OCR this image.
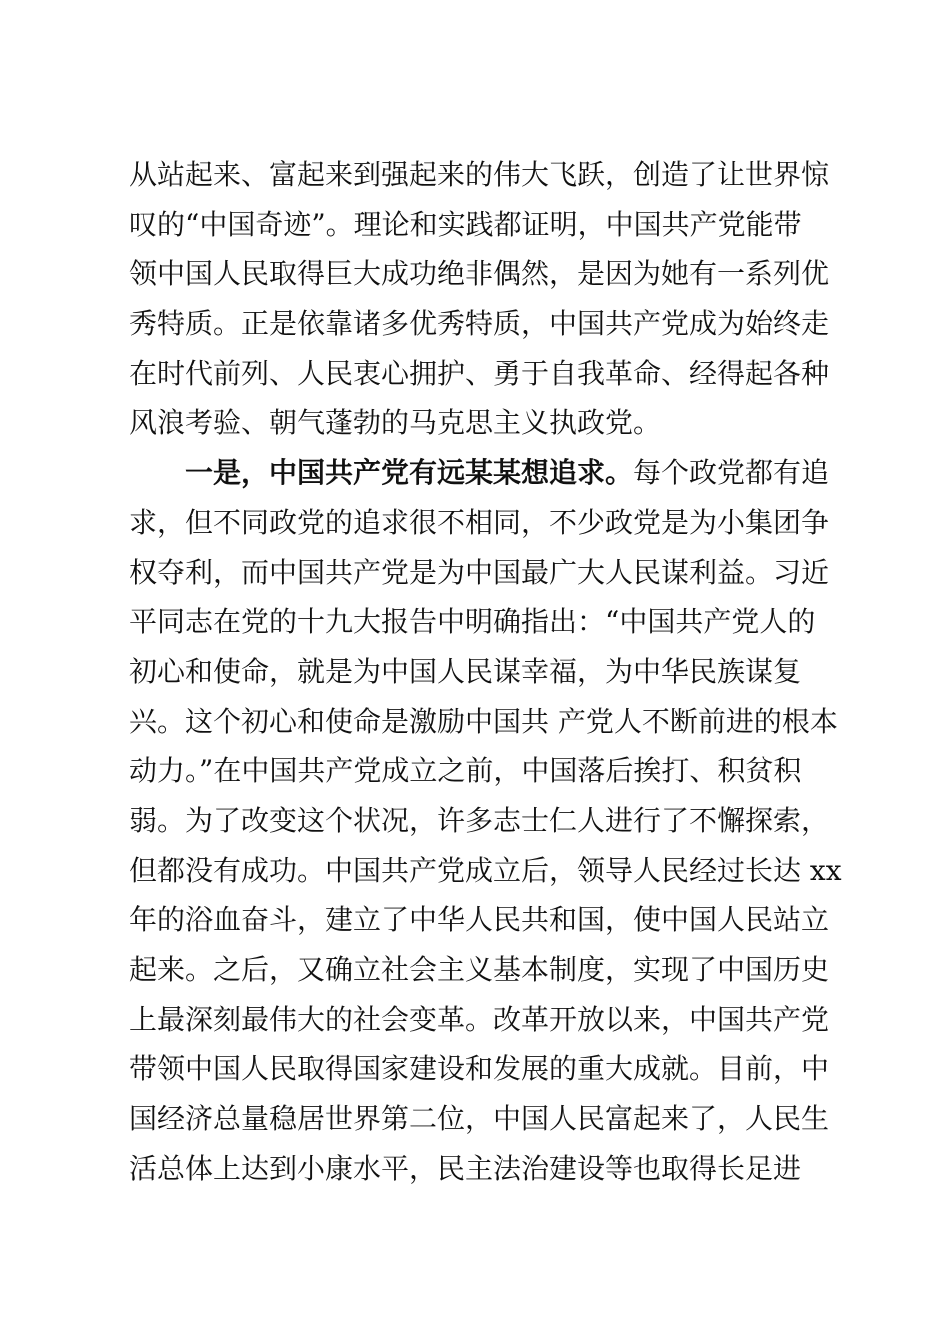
从站起来、富起来到强起来的伟大飞跃，创造了让世界惊
叹的“中国奇迹”。理论和实践都证明，中国共产党能带
领中国人民取得巨大成功绝非偶然，是因为她有一系列优
秀特质。正是依靠诸多优秀特质，中国共产党成为始终走
在时代前列、人民衷心拥护、勇于自我革命、经得起各种
风浪考验、朝气蓬勃的马克思主义执政党。
一是，中国共产党有远某某想追求。每个政党都有追
求，但不同政党的追求很不相同，不少政党是为小集团争
权夺利，而中国共产党是为中国最广大人民谋利益。习近
平同志在党的十九大报告中明确指出：“中国共产党人的
初心和使命，就是为中国人民谋幸福，为中华民族谋复
兴。这个初心和使命是激励中国共 产党人不断前进的根本
动力。”在中国共产党成立之前，中国落后挨打、积贫积
弱。为了改变这个状况，许多志士仁人进行了不懈探索，
但都没有成功。中国共产党成立后，领导人民经过长达 xx
年的浴血奋斗，建立了中华人民共和国，使中国人民站立
起来。之后，又确立社会主义基本制度，实现了中国历史
上最深刻最伟大的社会变革。改革开放以来，中国共产党
带领中国人民取得国家建设和发展的重大成就。目前，中
国经济总量稳居世界第二位，中国人民富起来了，人民生
活总体上达到小康水平，民主法治建设等也取得长足进
